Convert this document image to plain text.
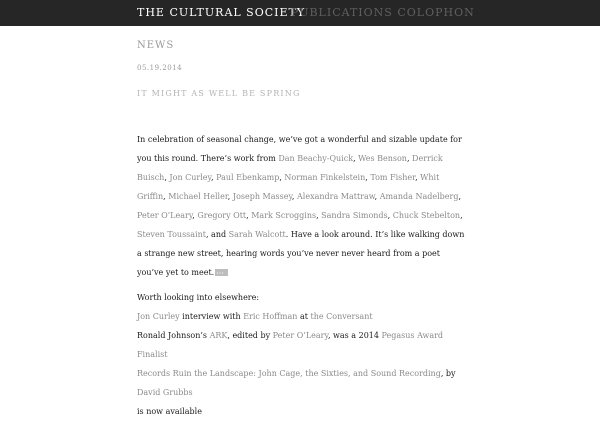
THE CULTURAL SOCIETY
PUBLICATIONS COLOPHON
NEWS
05.19.2014
IT MIGHT AS WELL BE SPRING

In celebration of seasonal change, we’ve got a wonderful and sizable update for you this round. There’s work from Dan Beachy-Quick, Wes Benson, Derrick Buisch, Jon Curley, Paul Ebenkamp, Norman Finkelstein, Tom Fisher, Whit Griffin, Michael Heller, Joseph Massey, Alexandra Mattraw, Amanda Nadelberg, Peter O’Leary, Gregory Ott, Mark Scroggins, Sandra Simonds, Chuck Stebelton, Steven Toussaint, and Sarah Walcott. Have a look around. It’s like walking down a strange new street, hearing words you’ve never never heard from a poet you’ve yet to meet.···

Worth looking into elsewhere:
Jon Curley interview with Eric Hoffman at the Conversant
Ronald Johnson’s ARK, edited by Peter O’Leary, was a 2014 Pegasus Award Finalist
Records Ruin the Landscape: John Cage, the Sixties, and Sound Recording, by David Grubbs
is now available
